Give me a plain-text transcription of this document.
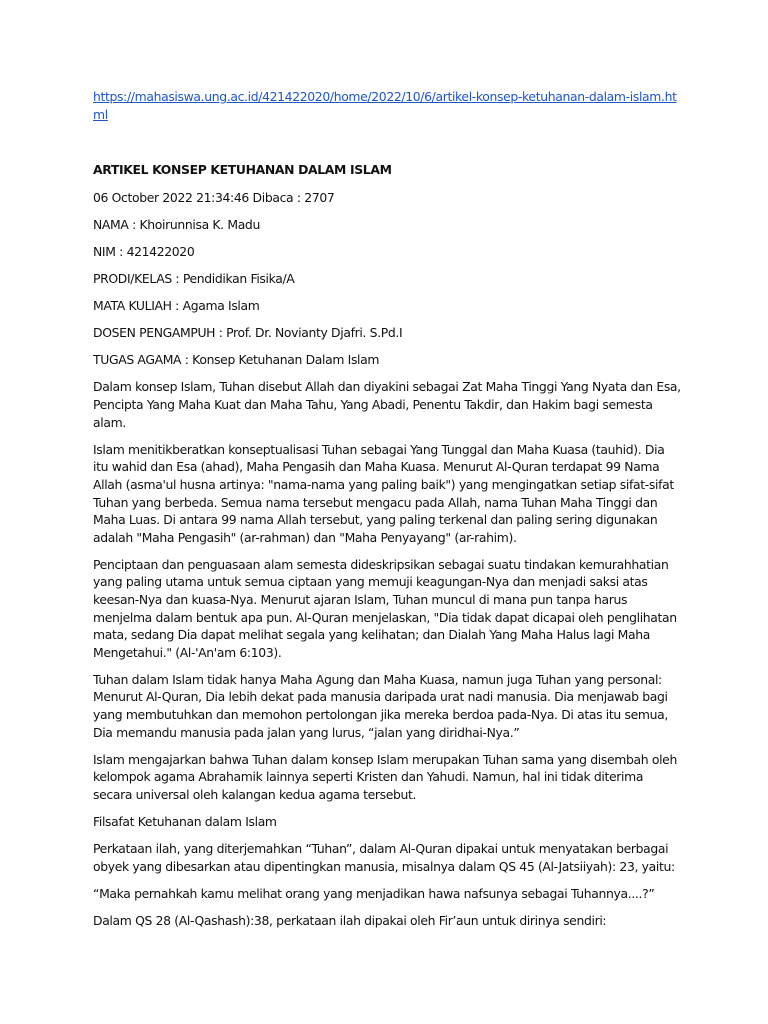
https://mahasiswa.ung.ac.id/421422020/home/2022/10/6/artikel-konsep-ketuhanan-dalam-islam.html

ARTIKEL KONSEP KETUHANAN DALAM ISLAM

06 October 2022 21:34:46 Dibaca : 2707

NAMA : Khoirunnisa K. Madu

NIM : 421422020

PRODI/KELAS : Pendidikan Fisika/A

MATA KULIAH : Agama Islam

DOSEN PENGAMPUH : Prof. Dr. Novianty Djafri. S.Pd.I

TUGAS AGAMA : Konsep Ketuhanan Dalam Islam

Dalam konsep Islam, Tuhan disebut Allah dan diyakini sebagai Zat Maha Tinggi Yang Nyata dan Esa, Pencipta Yang Maha Kuat dan Maha Tahu, Yang Abadi, Penentu Takdir, dan Hakim bagi semesta alam.

Islam menitikberatkan konseptualisasi Tuhan sebagai Yang Tunggal dan Maha Kuasa (tauhid). Dia itu wahid dan Esa (ahad), Maha Pengasih dan Maha Kuasa. Menurut Al-Quran terdapat 99 Nama Allah (asma'ul husna artinya: "nama-nama yang paling baik") yang mengingatkan setiap sifat-sifat Tuhan yang berbeda. Semua nama tersebut mengacu pada Allah, nama Tuhan Maha Tinggi dan Maha Luas. Di antara 99 nama Allah tersebut, yang paling terkenal dan paling sering digunakan adalah "Maha Pengasih" (ar-rahman) dan "Maha Penyayang" (ar-rahim).

Penciptaan dan penguasaan alam semesta dideskripsikan sebagai suatu tindakan kemurahhatian yang paling utama untuk semua ciptaan yang memuji keagungan-Nya dan menjadi saksi atas keesan-Nya dan kuasa-Nya. Menurut ajaran Islam, Tuhan muncul di mana pun tanpa harus menjelma dalam bentuk apa pun. Al-Quran menjelaskan, "Dia tidak dapat dicapai oleh penglihatan mata, sedang Dia dapat melihat segala yang kelihatan; dan Dialah Yang Maha Halus lagi Maha Mengetahui." (Al-'An'am 6:103).

Tuhan dalam Islam tidak hanya Maha Agung dan Maha Kuasa, namun juga Tuhan yang personal: Menurut Al-Quran, Dia lebih dekat pada manusia daripada urat nadi manusia. Dia menjawab bagi yang membutuhkan dan memohon pertolongan jika mereka berdoa pada-Nya. Di atas itu semua, Dia memandu manusia pada jalan yang lurus, “jalan yang diridhai-Nya.”

Islam mengajarkan bahwa Tuhan dalam konsep Islam merupakan Tuhan sama yang disembah oleh kelompok agama Abrahamik lainnya seperti Kristen dan Yahudi. Namun, hal ini tidak diterima secara universal oleh kalangan kedua agama tersebut.

Filsafat Ketuhanan dalam Islam

Perkataan ilah, yang diterjemahkan “Tuhan”, dalam Al-Quran dipakai untuk menyatakan berbagai obyek yang dibesarkan atau dipentingkan manusia, misalnya dalam QS 45 (Al-Jatsiiyah): 23, yaitu:

“Maka pernahkah kamu melihat orang yang menjadikan hawa nafsunya sebagai Tuhannya....?”

Dalam QS 28 (Al-Qashash):38, perkataan ilah dipakai oleh Fir’aun untuk dirinya sendiri:
